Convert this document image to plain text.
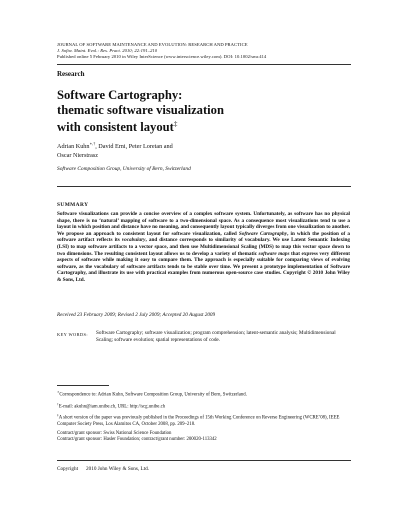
JOURNAL OF SOFTWARE MAINTENANCE AND EVOLUTION: RESEARCH AND PRACTICE
J. Softw. Maint. Evol.: Res. Pract. 2010; 22:191–210
Published online 5 February 2010 in Wiley InterScience (www.interscience.wiley.com). DOI: 10.1002/smr.414
Research
Software Cartography:
thematic software visualization
with consistent layout‡
Adrian Kuhn∗,†, David Erni, Peter Loretan and
Oscar Nierstrasz
Software Composition Group, University of Bern, Switzerland
SUMMARY
Software visualizations can provide a concise overview of a complex software system. Unfortunately, as software has no physical shape, there is no ‘natural’ mapping of software to a two-dimensional space. As a consequence most visualizations tend to use a layout in which position and distance have no meaning, and consequently layout typically diverges from one visualization to another. We propose an approach to consistent layout for software visualization, called Software Cartography, in which the position of a software artifact reflects its vocabulary, and distance corresponds to similarity of vocabulary. We use Latent Semantic Indexing (LSI) to map software artifacts to a vector space, and then use Multidimensional Scaling (MDS) to map this vector space down to two dimensions. The resulting consistent layout allows us to develop a variety of thematic software maps that express very different aspects of software while making it easy to compare them. The approach is especially suitable for comparing views of evolving software, as the vocabulary of software artifacts tends to be stable over time. We present a prototype implementation of Software Cartography, and illustrate its use with practical examples from numerous open-source case studies. Copyright © 2010 John Wiley & Sons, Ltd.
Received 23 February 2009; Revised 2 July 2009; Accepted 20 August 2009
KEY WORDS: Software Cartography; software visualization; program comprehension; latent-semantic analysis; Multidimensional Scaling; software evolution; spatial representations of code.
∗Correspondence to: Adrian Kuhn, Software Composition Group, University of Bern, Switzerland.
†E-mail: akuhn@iam.unibe.ch, URL: http://scg.unibe.ch
‡A short version of the paper was previously published in the Proceedings of 15th Working Conference on Reverse Engineering (WCRE’08), IEEE Computer Society Press, Los Alamitos CA, October 2008, pp. 209–218.
Contract/grant sponsor: Swiss National Science Foundation
Contract/grant sponsor: Hasler Foundation; contract/grant number: 200020-113342
Copyright 2010 John Wiley & Sons, Ltd.
